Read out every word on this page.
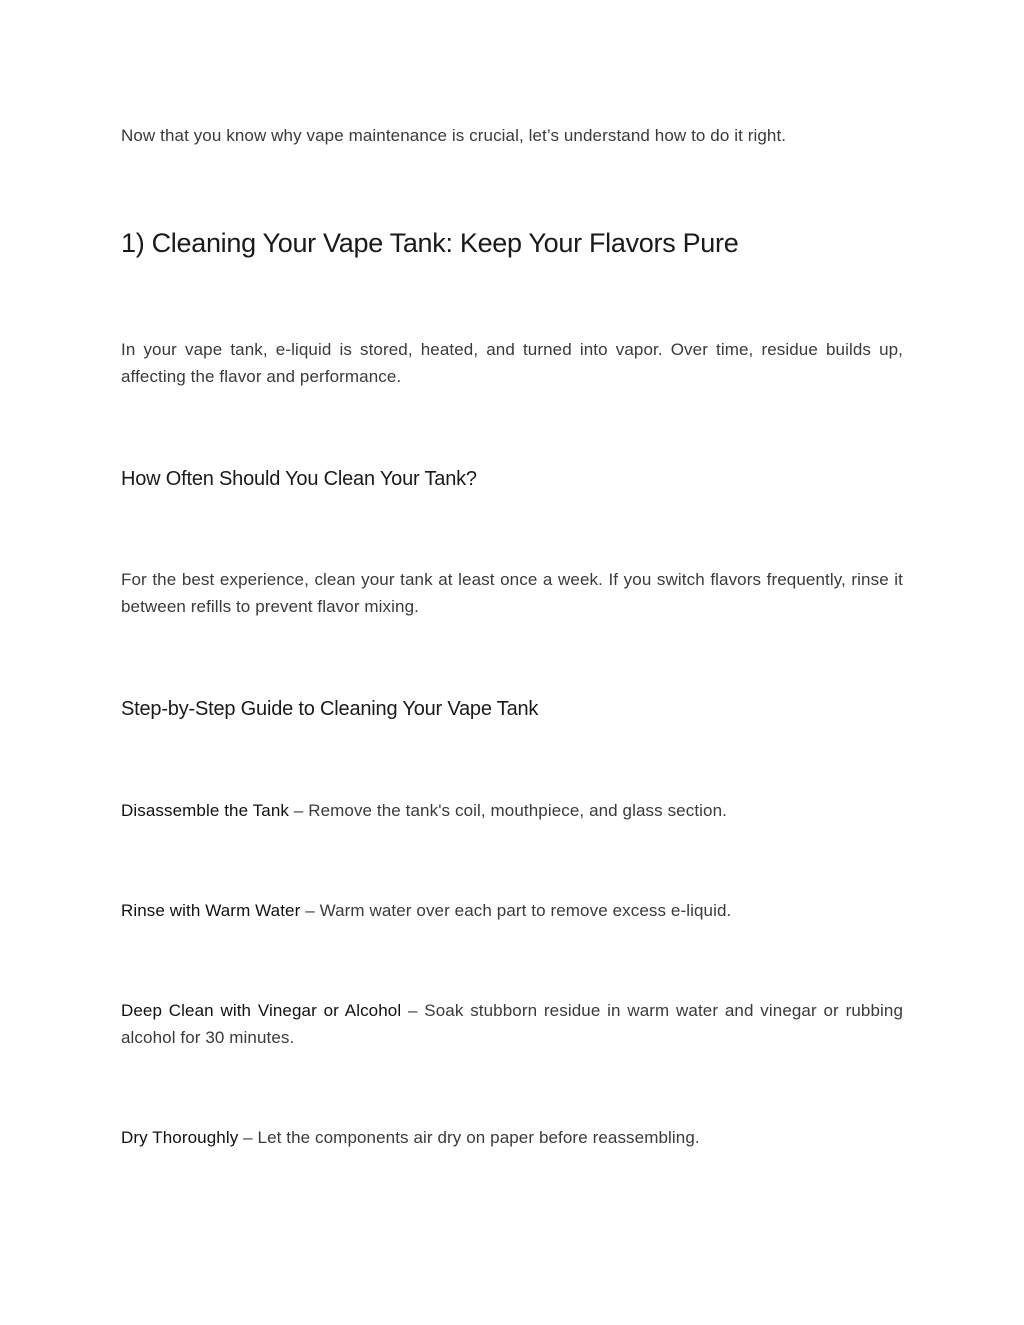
Now that you know why vape maintenance is crucial, let’s understand how to do it right.

1) Cleaning Your Vape Tank: Keep Your Flavors Pure

In your vape tank, e-liquid is stored, heated, and turned into vapor. Over time, residue builds up, affecting the flavor and performance.

How Often Should You Clean Your Tank?

For the best experience, clean your tank at least once a week. If you switch flavors frequently, rinse it between refills to prevent flavor mixing.

Step-by-Step Guide to Cleaning Your Vape Tank

Disassemble the Tank – Remove the tank's coil, mouthpiece, and glass section.

Rinse with Warm Water – Warm water over each part to remove excess e-liquid.

Deep Clean with Vinegar or Alcohol – Soak stubborn residue in warm water and vinegar or rubbing alcohol for 30 minutes.

Dry Thoroughly – Let the components air dry on paper before reassembling.
